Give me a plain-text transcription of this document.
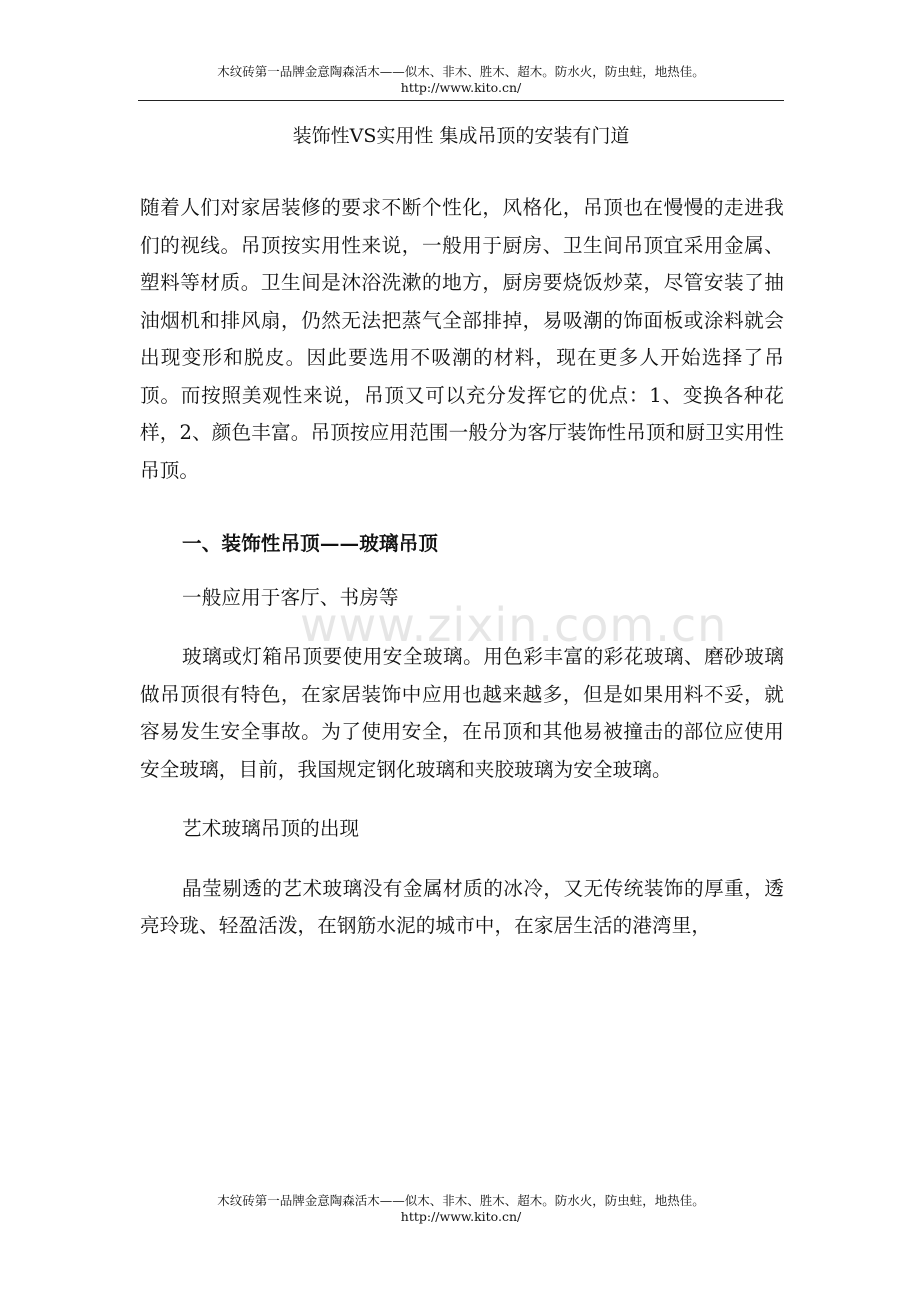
木纹砖第一品牌金意陶森活木——似木、非木、胜木、超木。防水火，防虫蛀，地热佳。
http://www.kito.cn/
装饰性VS实用性 集成吊顶的安装有门道
www.zixin.com.cn

随着人们对家居装修的要求不断个性化，风格化，吊顶也在慢慢的走进我们的视线。吊顶按实用性来说，一般用于厨房、卫生间吊顶宜采用金属、塑料等材质。卫生间是沐浴洗漱的地方，厨房要烧饭炒菜，尽管安装了抽油烟机和排风扇，仍然无法把蒸气全部排掉，易吸潮的饰面板或涂料就会出现变形和脱皮。因此要选用不吸潮的材料，现在更多人开始选择了吊顶。而按照美观性来说，吊顶又可以充分发挥它的优点：1、变换各种花样，2、颜色丰富。吊顶按应用范围一般分为客厅装饰性吊顶和厨卫实用性吊顶。

一、装饰性吊顶——玻璃吊顶

一般应用于客厅、书房等

玻璃或灯箱吊顶要使用安全玻璃。用色彩丰富的彩花玻璃、磨砂玻璃做吊顶很有特色，在家居装饰中应用也越来越多，但是如果用料不妥，就容易发生安全事故。为了使用安全，在吊顶和其他易被撞击的部位应使用安全玻璃，目前，我国规定钢化玻璃和夹胶玻璃为安全玻璃。

艺术玻璃吊顶的出现

晶莹剔透的艺术玻璃没有金属材质的冰冷，又无传统装饰的厚重，透亮玲珑、轻盈活泼，在钢筋水泥的城市中，在家居生活的港湾里，

木纹砖第一品牌金意陶森活木——似木、非木、胜木、超木。防水火，防虫蛀，地热佳。
http://www.kito.cn/
